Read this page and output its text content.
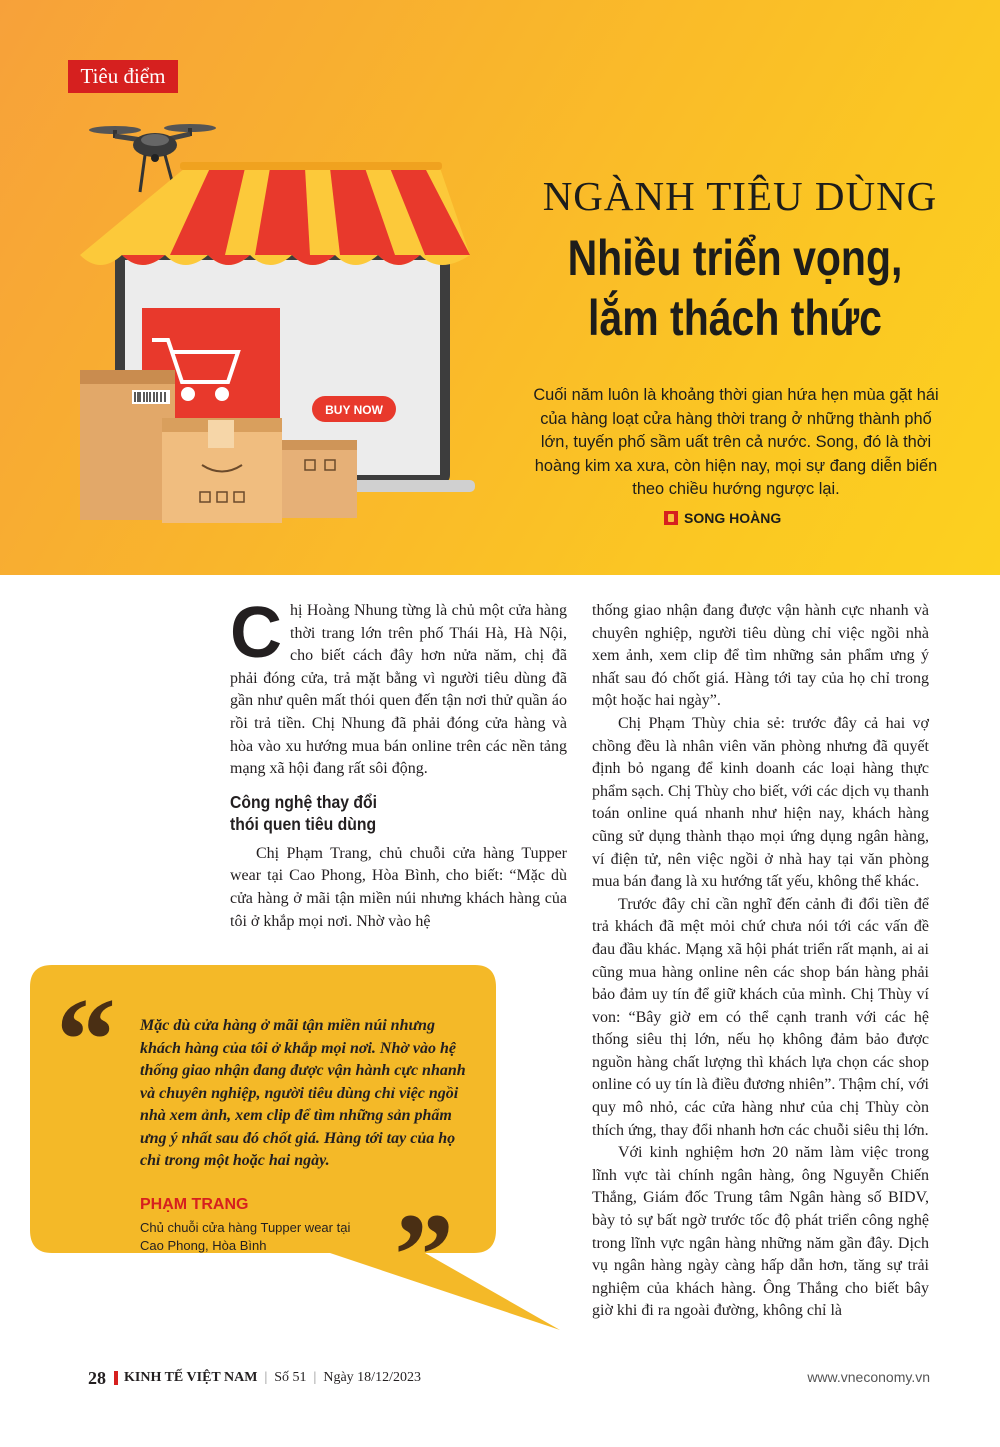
Tiêu điểm
BUY NOW
NGÀNH TIÊU DÙNG
Nhiều triển vọng,
lắm thách thức

Cuối năm luôn là khoảng thời gian hứa hẹn mùa gặt hái của hàng loạt cửa hàng thời trang ở những thành phố lớn, tuyến phố sầm uất trên cả nước. Song, đó là thời hoàng kim xa xưa, còn hiện nay, mọi sự đang diễn biến theo chiều hướng ngược lại.

SONG HOÀNG

Chị Hoàng Nhung từng là chủ một cửa hàng thời trang lớn trên phố Thái Hà, Hà Nội, cho biết cách đây hơn nửa năm, chị đã phải đóng cửa, trả mặt bằng vì người tiêu dùng đã gần như quên mất thói quen đến tận nơi thử quần áo rồi trả tiền. Chị Nhung đã phải đóng cửa hàng và hòa vào xu hướng mua bán online trên các nền tảng mạng xã hội đang rất sôi động.

Công nghệ thay đổi
thói quen tiêu dùng

Chị Phạm Trang, chủ chuỗi cửa hàng Tupper wear tại Cao Phong, Hòa Bình, cho biết: “Mặc dù cửa hàng ở mãi tận miền núi nhưng khách hàng của tôi ở khắp mọi nơi. Nhờ vào hệ

thống giao nhận đang được vận hành cực nhanh và chuyên nghiệp, người tiêu dùng chỉ việc ngồi nhà xem ảnh, xem clip để tìm những sản phẩm ưng ý nhất sau đó chốt giá. Hàng tới tay của họ chỉ trong một hoặc hai ngày”.

Chị Phạm Thùy chia sẻ: trước đây cả hai vợ chồng đều là nhân viên văn phòng nhưng đã quyết định bỏ ngang để kinh doanh các loại hàng thực phẩm sạch. Chị Thùy cho biết, với các dịch vụ thanh toán online quá nhanh như hiện nay, khách hàng cũng sử dụng thành thạo mọi ứng dụng ngân hàng, ví điện tử, nên việc ngồi ở nhà hay tại văn phòng mua bán đang là xu hướng tất yếu, không thể khác.

Trước đây chỉ cần nghĩ đến cảnh đi đổi tiền để trả khách đã mệt mỏi chứ chưa nói tới các vấn đề đau đầu khác. Mạng xã hội phát triển rất mạnh, ai ai cũng mua hàng online nên các shop bán hàng phải bảo đảm uy tín để giữ khách của mình. Chị Thùy ví von: “Bây giờ em có thể cạnh tranh với các hệ thống siêu thị lớn, nếu họ không đảm bảo được nguồn hàng chất lượng thì khách lựa chọn các shop online có uy tín là điều đương nhiên”. Thậm chí, với quy mô nhỏ, các cửa hàng như của chị Thùy còn thích ứng, thay đổi nhanh hơn các chuỗi siêu thị lớn.

Với kinh nghiệm hơn 20 năm làm việc trong lĩnh vực tài chính ngân hàng, ông Nguyễn Chiến Thắng, Giám đốc Trung tâm Ngân hàng số BIDV, bày tỏ sự bất ngờ trước tốc độ phát triển công nghệ trong lĩnh vực ngân hàng những năm gần đây. Dịch vụ ngân hàng ngày càng hấp dẫn hơn, tăng sự trải nghiệm của khách hàng. Ông Thắng cho biết bây giờ khi đi ra ngoài đường, không chỉ là

“ Mặc dù cửa hàng ở mãi tận miền núi nhưng khách hàng của tôi ở khắp mọi nơi. Nhờ vào hệ thống giao nhận đang được vận hành cực nhanh và chuyên nghiệp, người tiêu dùng chỉ việc ngồi nhà xem ảnh, xem clip để tìm những sản phẩm ưng ý nhất sau đó chốt giá. Hàng tới tay của họ chỉ trong một hoặc hai ngày.

PHẠM TRANG
Chủ chuỗi cửa hàng Tupper wear tại Cao Phong, Hòa Bình	”
28 KINH TẾ VIỆT NAM | Số 51 | Ngày 18/12/2023	www.vneconomy.vn
